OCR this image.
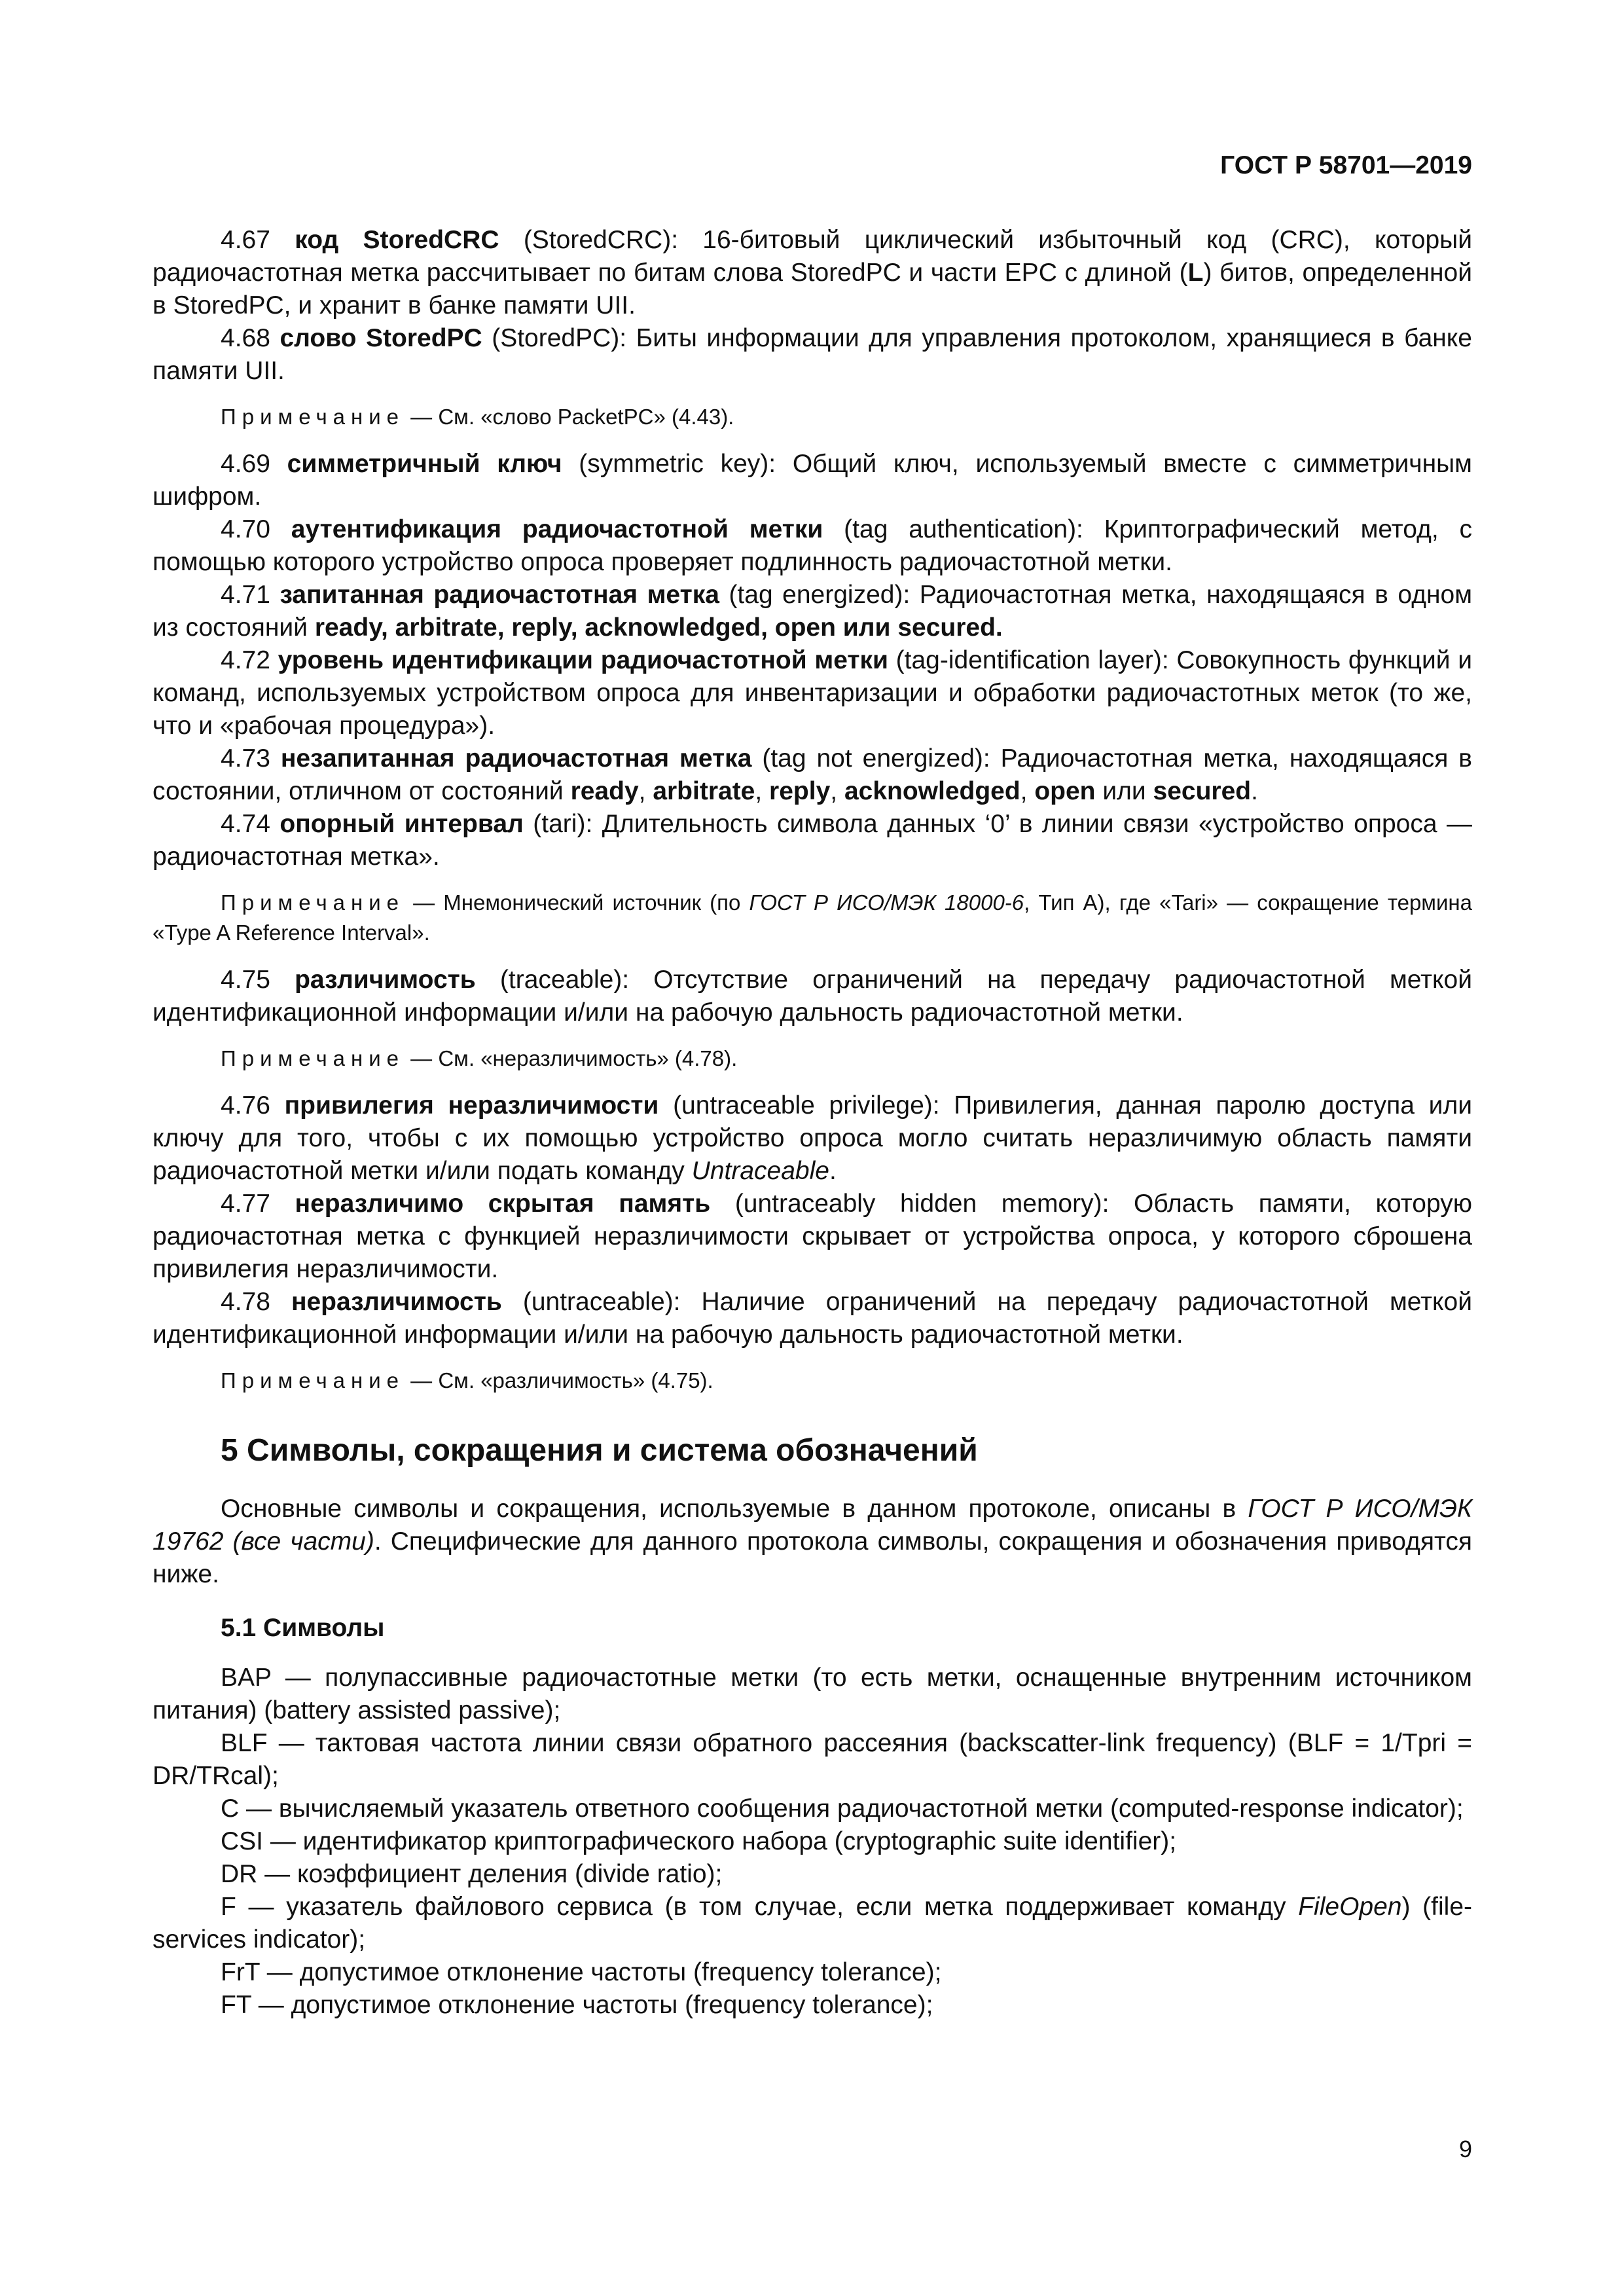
ГОСТ Р 58701—2019

4.67 код StoredCRC (StoredCRC): 16-битовый циклический избыточный код (CRC), который радиочастотная метка рассчитывает по битам слова StoredPC и части EPC с длиной (L) битов, определенной в StoredPC, и хранит в банке памяти UII.

4.68 слово StoredPC (StoredPC): Биты информации для управления протоколом, хранящиеся в банке памяти UII.

Примечание — См. «слово PacketPC» (4.43).

4.69 симметричный ключ (symmetric key): Общий ключ, используемый вместе с симметричным шифром.

4.70 аутентификация радиочастотной метки (tag authentication): Криптографический метод, с помощью которого устройство опроса проверяет подлинность радиочастотной метки.

4.71 запитанная радиочастотная метка (tag energized): Радиочастотная метка, находящаяся в одном из состояний ready, arbitrate, reply, acknowledged, open или secured.

4.72 уровень идентификации радиочастотной метки (tag-identification layer): Совокупность функций и команд, используемых устройством опроса для инвентаризации и обработки радиочастотных меток (то же, что и «рабочая процедура»).

4.73 незапитанная радиочастотная метка (tag not energized): Радиочастотная метка, находящаяся в состоянии, отличном от состояний ready, arbitrate, reply, acknowledged, open или secured.

4.74 опорный интервал (tari): Длительность символа данных ‘0’ в линии связи «устройство опроса — радиочастотная метка».

Примечание — Мнемонический источник (по ГОСТ Р ИСО/МЭК 18000-6, Тип А), где «Tari» — сокращение термина «Type A Reference Interval».

4.75 различимость (traceable): Отсутствие ограничений на передачу радиочастотной меткой идентификационной информации и/или на рабочую дальность радиочастотной метки.

Примечание — См. «неразличимость» (4.78).

4.76 привилегия неразличимости (untraceable privilege): Привилегия, данная паролю доступа или ключу для того, чтобы с их помощью устройство опроса могло считать неразличимую область памяти радиочастотной метки и/или подать команду Untraceable.

4.77 неразличимо скрытая память (untraceably hidden memory): Область памяти, которую радиочастотная метка с функцией неразличимости скрывает от устройства опроса, у которого сброшена привилегия неразличимости.

4.78 неразличимость (untraceable): Наличие ограничений на передачу радиочастотной меткой идентификационной информации и/или на рабочую дальность радиочастотной метки.

Примечание — См. «различимость» (4.75).

5 Символы, сокращения и система обозначений

Основные символы и сокращения, используемые в данном протоколе, описаны в ГОСТ Р ИСО/МЭК 19762 (все части). Специфические для данного протокола символы, сокращения и обозначения приводятся ниже.

5.1 Символы

BAP — полупассивные радиочастотные метки (то есть метки, оснащенные внутренним источником питания) (battery assisted passive);

BLF — тактовая частота линии связи обратного рассеяния (backscatter-link frequency) (BLF = 1/Tpri = DR/TRcal);

C — вычисляемый указатель ответного сообщения радиочастотной метки (computed-response indicator);

CSI — идентификатор криптографического набора (cryptographic suite identifier);

DR — коэффициент деления (divide ratio);

F — указатель файлового сервиса (в том случае, если метка поддерживает команду FileOpen) (file-services indicator);

FrT — допустимое отклонение частоты (frequency tolerance);

FT — допустимое отклонение частоты (frequency tolerance);

9
